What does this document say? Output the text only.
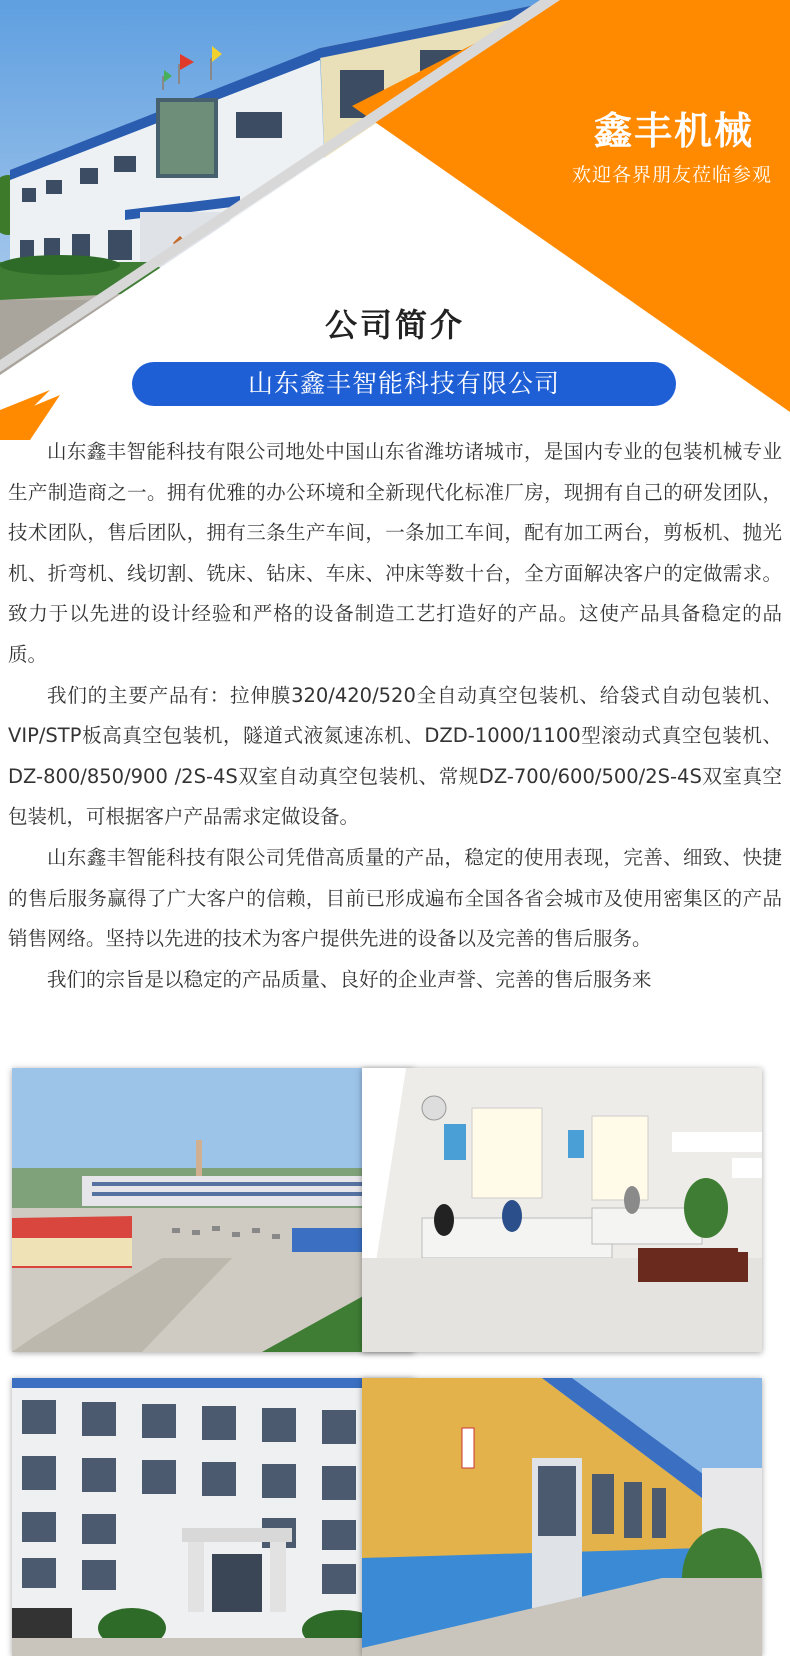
鑫丰机械
欢迎各界朋友莅临参观
公司简介
山东鑫丰智能科技有限公司

山东鑫丰智能科技有限公司地处中国山东省潍坊诸城市，是国内专业的包装机械专业生产制造商之一。拥有优雅的办公环境和全新现代化标准厂房，现拥有自己的研发团队，技术团队，售后团队，拥有三条生产车间，一条加工车间，配有加工两台，剪板机、抛光机、折弯机、线切割、铣床、钻床、车床、冲床等数十台，全方面解决客户的定做需求。致力于以先进的设计经验和严格的设备制造工艺打造好的产品。这使产品具备稳定的品质。

我们的主要产品有：拉伸膜320/420/520全自动真空包装机、给袋式自动包装机、VIP/STP板高真空包装机，隧道式液氮速冻机、DZD-1000/1100型滚动式真空包装机、DZ-800/850/900 /2S-4S双室自动真空包装机、常规DZ-700/600/500/2S-4S双室真空包装机，可根据客户产品需求定做设备。

山东鑫丰智能科技有限公司凭借高质量的产品，稳定的使用表现，完善、细致、快捷的售后服务赢得了广大客户的信赖，目前已形成遍布全国各省会城市及使用密集区的产品销售网络。坚持以先进的技术为客户提供先进的设备以及完善的售后服务。

我们的宗旨是以稳定的产品质量、良好的企业声誉、完善的售后服务来
